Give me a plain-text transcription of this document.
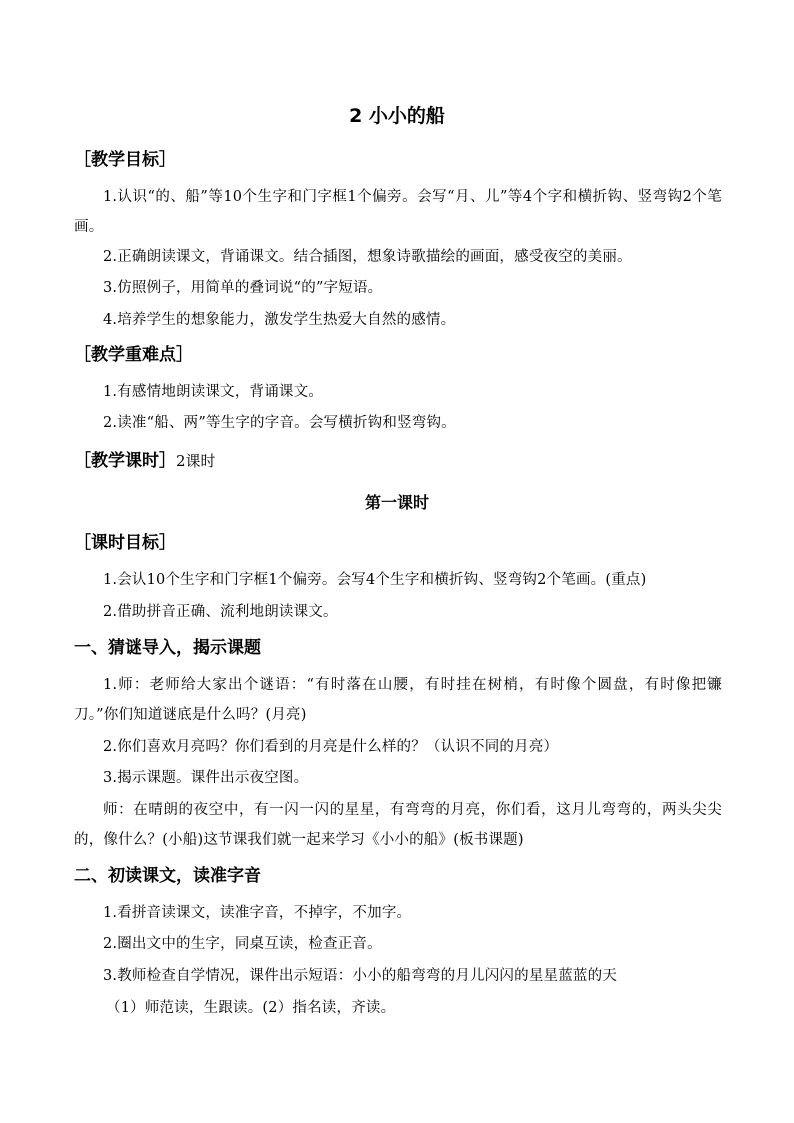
2 小小的船
［教学目标］
1.认识“的、船”等10个生字和门字框1个偏旁。会写“月、儿”等4个字和横折钩、竖弯钩2个笔画。
2.正确朗读课文，背诵课文。结合插图，想象诗歌描绘的画面，感受夜空的美丽。
3.仿照例子，用简单的叠词说“的”字短语。
4.培养学生的想象能力，激发学生热爱大自然的感情。
［教学重难点］
1.有感情地朗读课文，背诵课文。
2.读准“船、两”等生字的字音。会写横折钩和竖弯钩。
［教学课时］2课时
第一课时
［课时目标］
1.会认10个生字和门字框1个偏旁。会写4个生字和横折钩、竖弯钩2个笔画。(重点)
2.借助拼音正确、流利地朗读课文。
一、猜谜导入，揭示课题
1.师：老师给大家出个谜语：“有时落在山腰，有时挂在树梢，有时像个圆盘，有时像把镰刀。”你们知道谜底是什么吗？(月亮)
2.你们喜欢月亮吗？你们看到的月亮是什么样的？（认识不同的月亮）
3.揭示课题。课件出示夜空图。
师：在晴朗的夜空中，有一闪一闪的星星，有弯弯的月亮，你们看，这月儿弯弯的，两头尖尖的，像什么？(小船)这节课我们就一起来学习《小小的船》(板书课题)
二、初读课文，读准字音
1.看拼音读课文，读准字音，不掉字，不加字。
2.圈出文中的生字，同桌互读，检查正音。
3.教师检查自学情况，课件出示短语：小小的船弯弯的月儿闪闪的星星蓝蓝的天
（1）师范读，生跟读。(2）指名读，齐读。
